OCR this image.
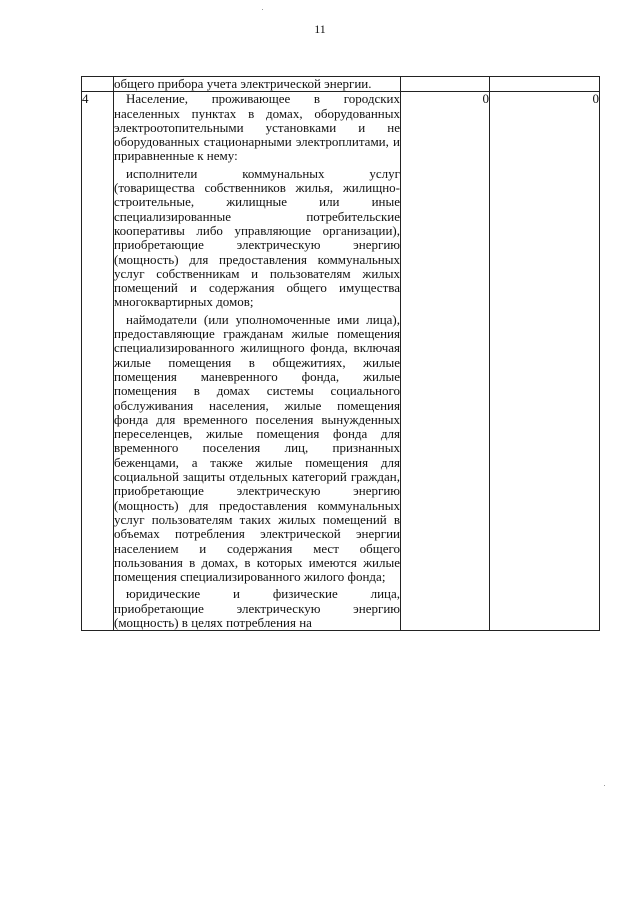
11

	общего прибора учета электрической энергии.		

4	Население, проживающее в городских населенных пунктах в домах, оборудованных электроотопительными установками и не оборудованных стационарными электроплитами, и приравненные к нему:

исполнители коммунальных услуг (товарищества собственников жилья, жилищно-строительные, жилищные или иные специализированные потребительские кооперативы либо управляющие организации), приобретающие электрическую энергию (мощность) для предоставления коммунальных услуг собственникам и пользователям жилых помещений и содержания общего имущества многоквартирных домов;

наймодатели (или уполномоченные ими лица), предоставляющие гражданам жилые помещения специализированного жилищного фонда, включая жилые помещения в общежитиях, жилые помещения маневренного фонда, жилые помещения в домах системы социального обслуживания населения, жилые помещения фонда для временного поселения вынужденных переселенцев, жилые помещения фонда для временного поселения лиц, признанных беженцами, а также жилые помещения для социальной защиты отдельных категорий граждан, приобретающие электрическую энергию (мощность) для предоставления коммунальных услуг пользователям таких жилых помещений в объемах потребления электрической энергии населением и содержания мест общего пользования в домах, в которых имеются жилые помещения специализированного жилого фонда;

юридические и физические лица, приобретающие электрическую энергию (мощность) в целях потребления на	0	0
